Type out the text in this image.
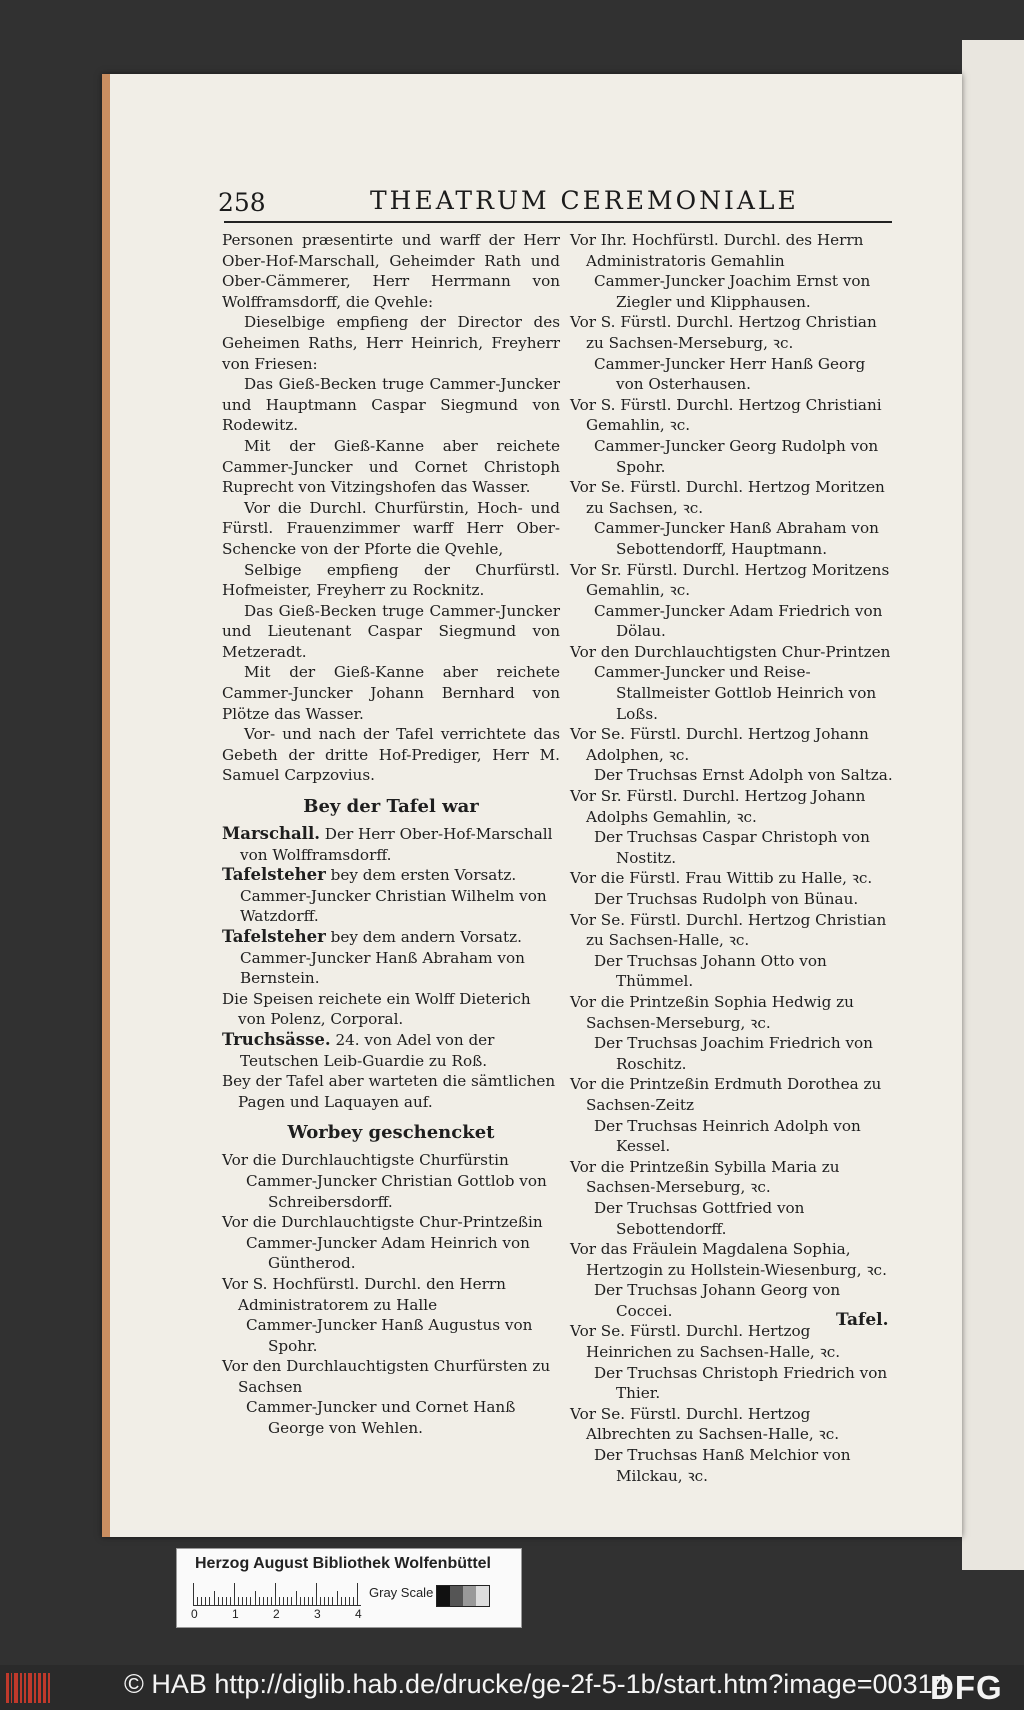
258	THEATRUM CEREMONIALE
Personen præsentirte und warff der Herr Ober-Hof-Marschall, Geheimder Rath und Ober-Cämmerer, Herr Herrmann von Wolfframsdorff, die Qvehle:
Dieselbige empfieng der Director des Geheimen Raths, Herr Heinrich, Freyherr von Friesen:
Das Gieß-Becken truge Cammer-Juncker und Hauptmann Caspar Siegmund von Rodewitz.
Mit der Gieß-Kanne aber reichete Cammer-Juncker und Cornet Christoph Ruprecht von Vitzingshofen das Wasser.
Vor die Durchl. Churfürstin, Hoch- und Fürstl. Frauenzimmer warff Herr Ober-Schencke von der Pforte die Qvehle,
Selbige empfieng der Churfürstl. Hofmeister, Freyherr zu Rocknitz.
Das Gieß-Becken truge Cammer-Juncker und Lieutenant Caspar Siegmund von Metzeradt.
Mit der Gieß-Kanne aber reichete Cammer-Juncker Johann Bernhard von Plötze das Wasser.
Vor- und nach der Tafel verrichtete das Gebeth der dritte Hof-Prediger, Herr M. Samuel Carpzovius.
Bey der Tafel war
Marschall. Der Herr Ober-Hof-Marschall von Wolfframsdorff.
Tafelsteher bey dem ersten Vorsatz. Cammer-Juncker Christian Wilhelm von Watzdorff.
Tafelsteher bey dem andern Vorsatz. Cammer-Juncker Hanß Abraham von Bernstein.
Die Speisen reichete ein Wolff Dieterich von Polenz, Corporal.
Truchsässe. 24. von Adel von der Teutschen Leib-Guardie zu Roß.
Bey der Tafel aber warteten die sämtlichen Pagen und Laquayen auf.
Worbey geschencket
Vor die Durchlauchtigste Churfürstin
Cammer-Juncker Christian Gottlob von Schreibersdorff.
Vor die Durchlauchtigste Chur-Printzeßin
Cammer-Juncker Adam Heinrich von Güntherod.
Vor S. Hochfürstl. Durchl. den Herrn Administratorem zu Halle
Cammer-Juncker Hanß Augustus von Spohr.
Vor den Durchlauchtigsten Churfürsten zu Sachsen
Cammer-Juncker und Cornet Hanß George von Wehlen.
Vor Ihr. Hochfürstl. Durchl. des Herrn Administratoris Gemahlin
Cammer-Juncker Joachim Ernst von Ziegler und Klipphausen.
Vor S. Fürstl. Durchl. Hertzog Christian zu Sachsen-Merseburg, ꝛc.
Cammer-Juncker Herr Hanß Georg von Osterhausen.
Vor S. Fürstl. Durchl. Hertzog Christiani Gemahlin, ꝛc.
Cammer-Juncker Georg Rudolph von Spohr.
Vor Se. Fürstl. Durchl. Hertzog Moritzen zu Sachsen, ꝛc.
Cammer-Juncker Hanß Abraham von Sebottendorff, Hauptmann.
Vor Sr. Fürstl. Durchl. Hertzog Moritzens Gemahlin, ꝛc.
Cammer-Juncker Adam Friedrich von Dölau.
Vor den Durchlauchtigsten Chur-Printzen
Cammer-Juncker und Reise-Stallmeister Gottlob Heinrich von Loßs.
Vor Se. Fürstl. Durchl. Hertzog Johann Adolphen, ꝛc.
Der Truchsas Ernst Adolph von Saltza.
Vor Sr. Fürstl. Durchl. Hertzog Johann Adolphs Gemahlin, ꝛc.
Der Truchsas Caspar Christoph von Nostitz.
Vor die Fürstl. Frau Wittib zu Halle, ꝛc.
Der Truchsas Rudolph von Bünau.
Vor Se. Fürstl. Durchl. Hertzog Christian zu Sachsen-Halle, ꝛc.
Der Truchsas Johann Otto von Thümmel.
Vor die Printzeßin Sophia Hedwig zu Sachsen-Merseburg, ꝛc.
Der Truchsas Joachim Friedrich von Roschitz.
Vor die Printzeßin Erdmuth Dorothea zu Sachsen-Zeitz
Der Truchsas Heinrich Adolph von Kessel.
Vor die Printzeßin Sybilla Maria zu Sachsen-Merseburg, ꝛc.
Der Truchsas Gottfried von Sebottendorff.
Vor das Fräulein Magdalena Sophia, Hertzogin zu Hollstein-Wiesenburg, ꝛc.
Der Truchsas Johann Georg von Coccei.
Vor Se. Fürstl. Durchl. Hertzog Heinrichen zu Sachsen-Halle, ꝛc.
Der Truchsas Christoph Friedrich von Thier.
Vor Se. Fürstl. Durchl. Hertzog Albrechten zu Sachsen-Halle, ꝛc.
Der Truchsas Hanß Melchior von Milckau, ꝛc.
Tafel.
Herzog August Bibliothek Wolfenbüttel
0	1	2	3	4
Gray Scale
© HAB http://diglib.hab.de/drucke/ge-2f-5-1b/start.htm?image=00314
DFG
